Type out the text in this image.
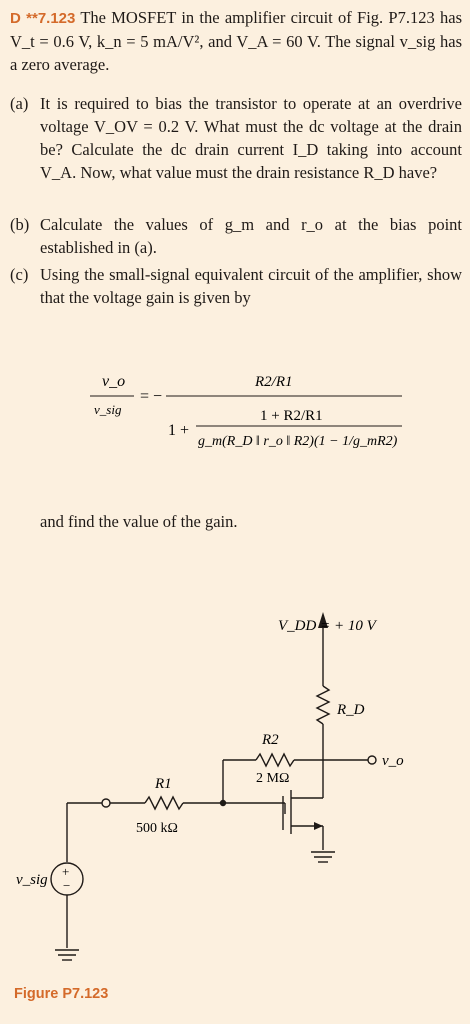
D **7.123 The MOSFET in the amplifier circuit of Fig. P7.123 has V_t = 0.6 V, k_n = 5 mA/V², and V_A = 60 V. The signal v_sig has a zero average.
(a) It is required to bias the transistor to operate at an overdrive voltage V_OV = 0.2 V. What must the dc voltage at the drain be? Calculate the dc drain current I_D taking into account V_A. Now, what value must the drain resistance R_D have?
(b) Calculate the values of g_m and r_o at the bias point established in (a).
(c) Using the small-signal equivalent circuit of the amplifier, show that the voltage gain is given by
v_o
v_sig
= −
R2/R1
1 +
1 + R2/R1
g_m(R_D ‖ r_o ‖ R2)(1 − 1/g_mR2)
and find the value of the gain.
V_DD = + 10 V
R_D
R2
2 MΩ
v_o
R1
500 kΩ
v_sig
+
−
Figure P7.123
